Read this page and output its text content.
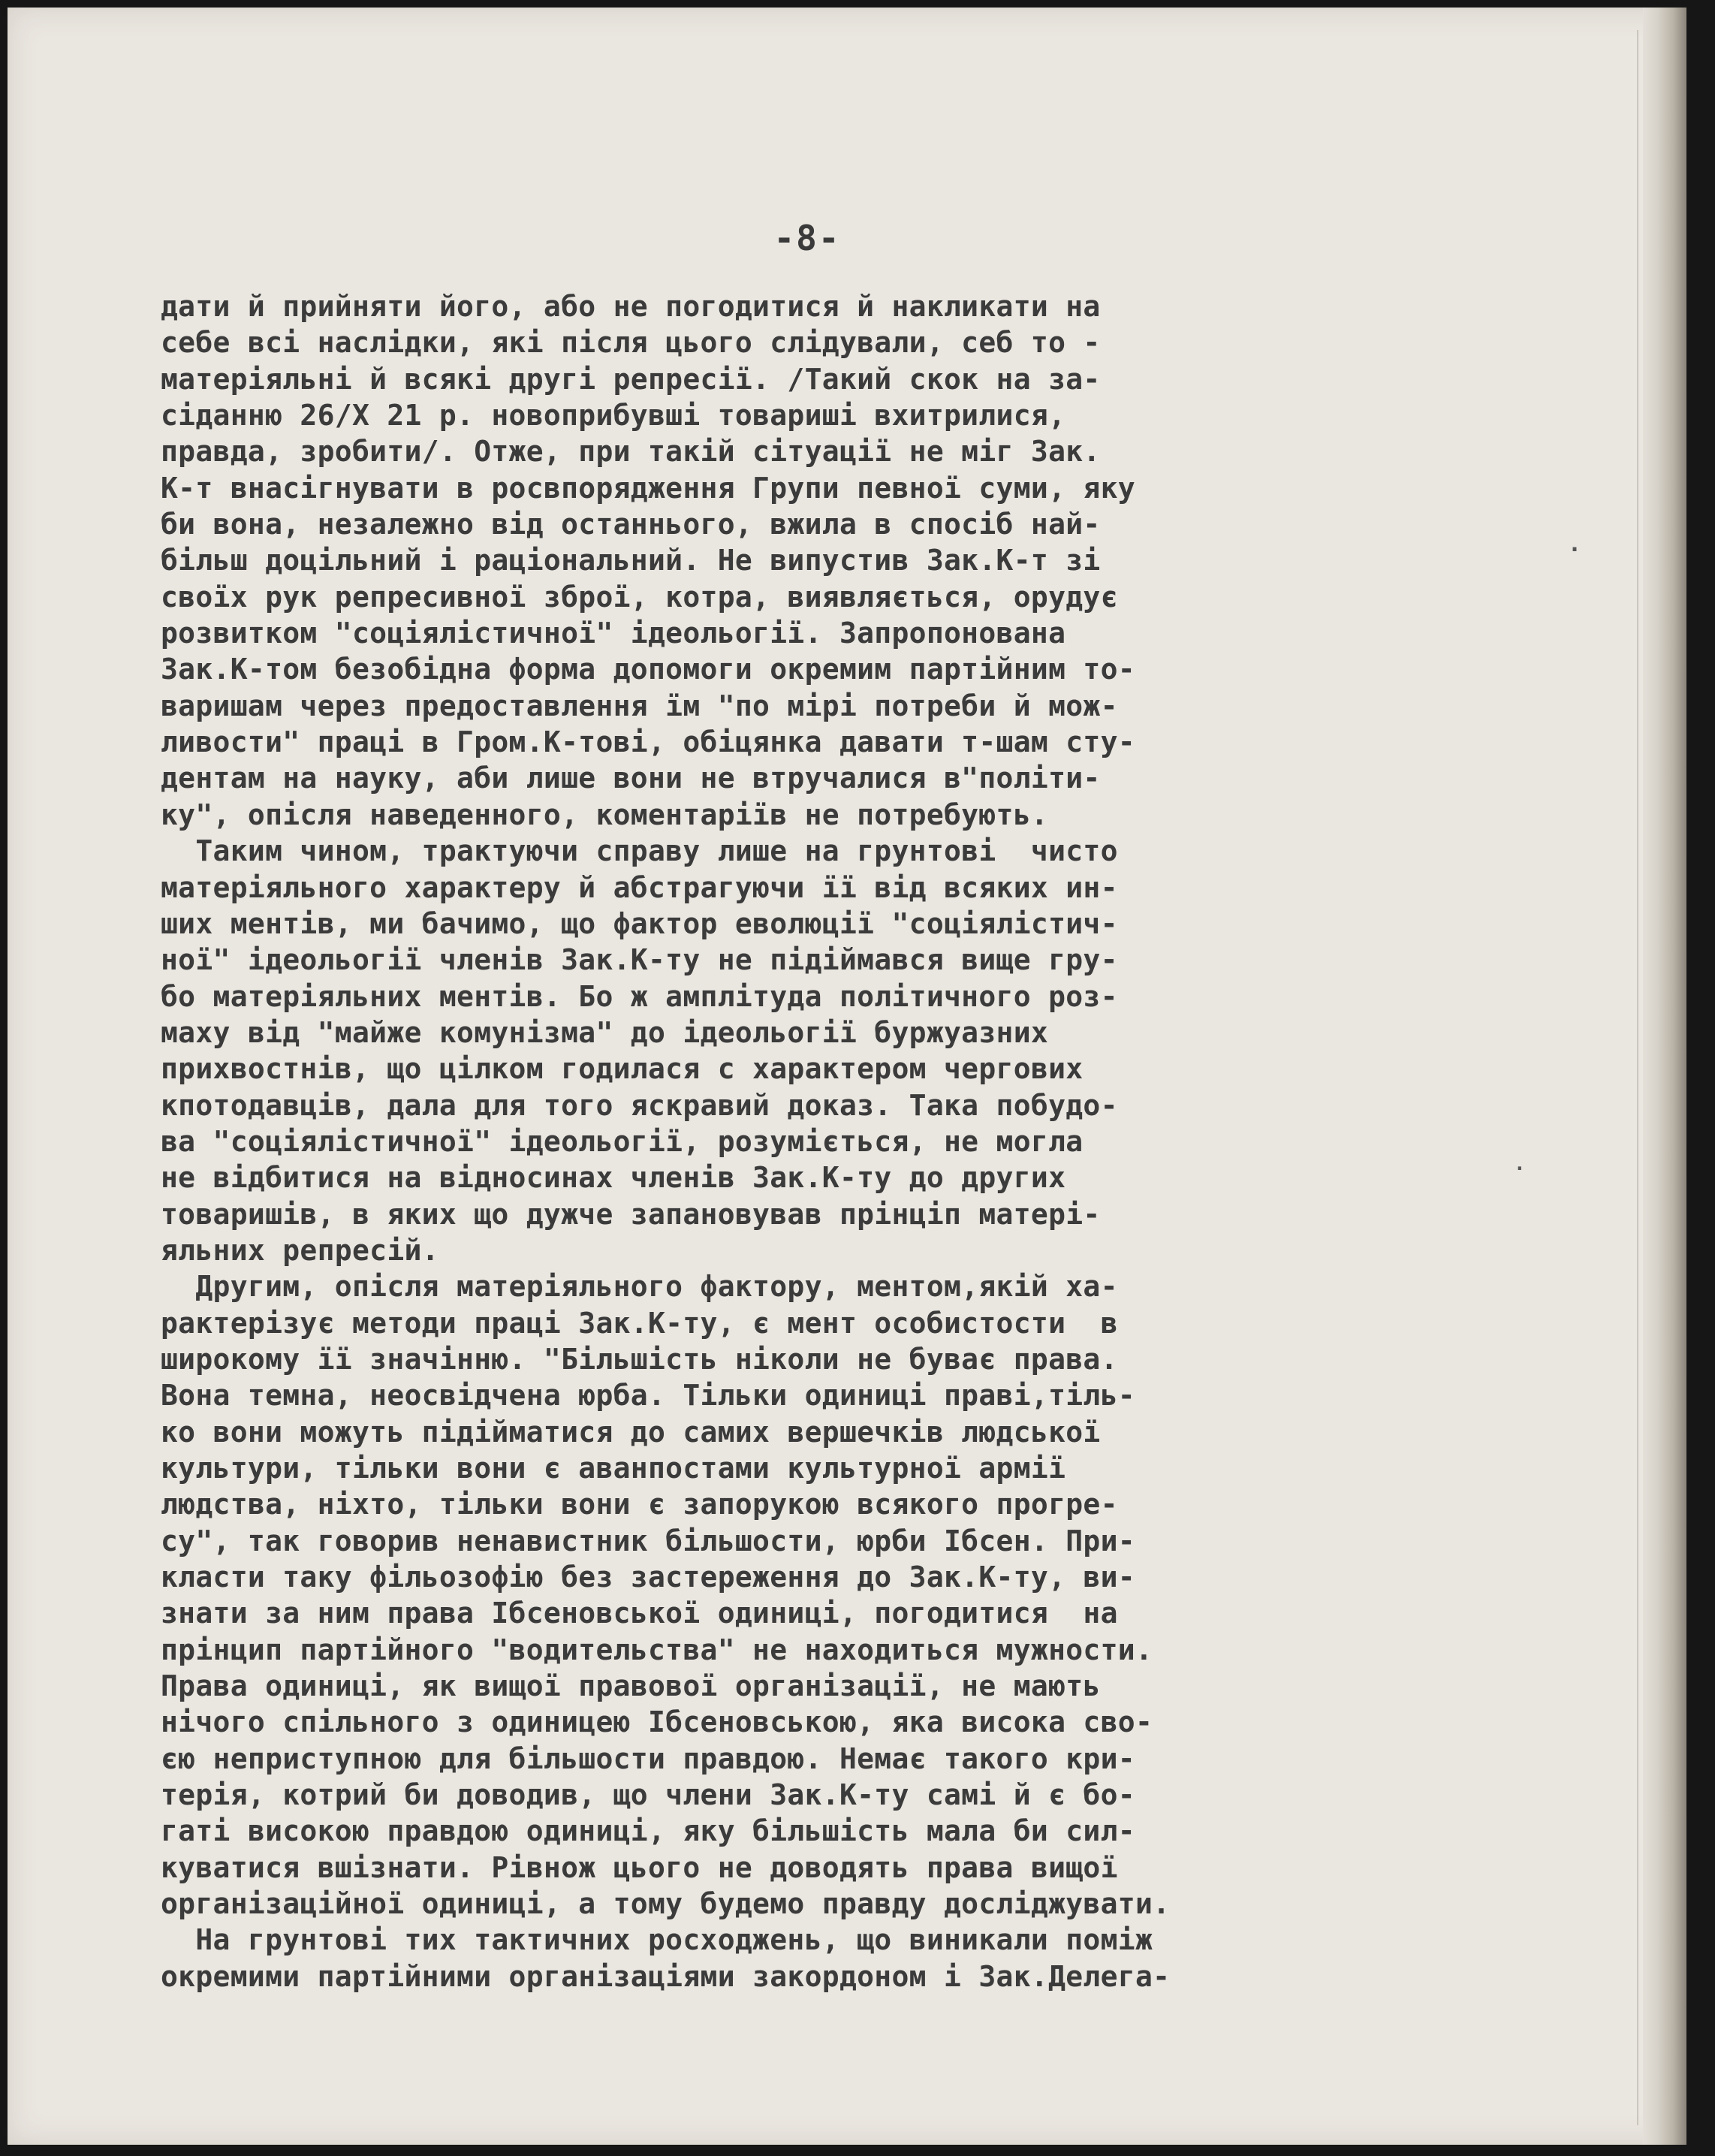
-8-
·
.
дати й прийняти його, або не погодитися й накликати на
себе всі наслідки, які після цього слідували, себ то -
матеріяльні й всякі другі репресії. /Такий скок на за-
сіданню 26/X 21 р. новоприбувші товариші вхитрилися,
правда, зробити/. Отже, при такій сітуації не міг Зак.
К-т внасігнувати в росвпорядження Групи певної суми, яку
би вона, незалежно від останнього, вжила в спосіб най-
більш доцільний і раціональний. Не випустив Зак.К-т зі
своїх рук репресивної зброї, котра, виявляється, орудує
розвитком "соціялістичної" ідеольогії. Запропонована
Зак.К-том безобідна форма допомоги окремим партійним то-
варишам через предоставлення їм "по мірі потреби й мож-
ливости" праці в Гром.К-тові, обіцянка давати т-шам сту-
дентам на науку, аби лише вони не втручалися в"політи-
ку", опісля наведенного, коментаріїв не потребують.
Таким чином, трактуючи справу лише на грунтові  чисто
матеріяльного характеру й абстрагуючи її від всяких ин-
ших ментів, ми бачимо, що фактор еволюції "соціялістич-
ної" ідеольогії членів Зак.К-ту не підіймався вище гру-
бо матеріяльних ментів. Бо ж амплітуда політичного роз-
маху від "майже комунізма" до ідеольогії буржуазних
прихвостнів, що цілком годилася с характером чергових
кпотодавців, дала для того яскравий доказ. Така побудо-
ва "соціялістичної" ідеольогії, розуміється, не могла
не відбитися на відносинах членів Зак.К-ту до других
товаришів, в яких що дужче запановував прінціп матері-
яльних репресій.
Другим, опісля матеріяльного фактору, ментом,якій ха-
рактерізує методи праці Зак.К-ту, є мент особистости  в
широкому її значінню. "Більшість ніколи не буває права.
Вона темна, неосвідчена юрба. Тільки одиниці праві,тіль-
ко вони можуть підійматися до самих вершечків людської
культури, тільки вони є аванпостами культурної армії
людства, ніхто, тільки вони є запорукою всякого прогре-
су", так говорив ненавистник більшости, юрби Ібсен. При-
класти таку фільозофію без застереження до Зак.К-ту, ви-
знати за ним права Ібсеновської одиниці, погодитися  на
прінцип партійного "водительства" не находиться мужности.
Права одиниці, як вищої правової організації, не мають
нічого спільного з одиницею Ібсеновською, яка висока сво-
єю неприступною для більшости правдою. Немає такого кри-
терія, котрий би доводив, що члени Зак.К-ту самі й є бо-
гаті високою правдою одиниці, яку більшість мала би сил-
куватися вшізнати. Рівнож цього не доводять права вищої
організаційної одиниці, а тому будемо правду досліджувати.
На грунтові тих тактичних росходжень, що виникали поміж
окремими партійними організаціями закордоном і Зак.Делега-
